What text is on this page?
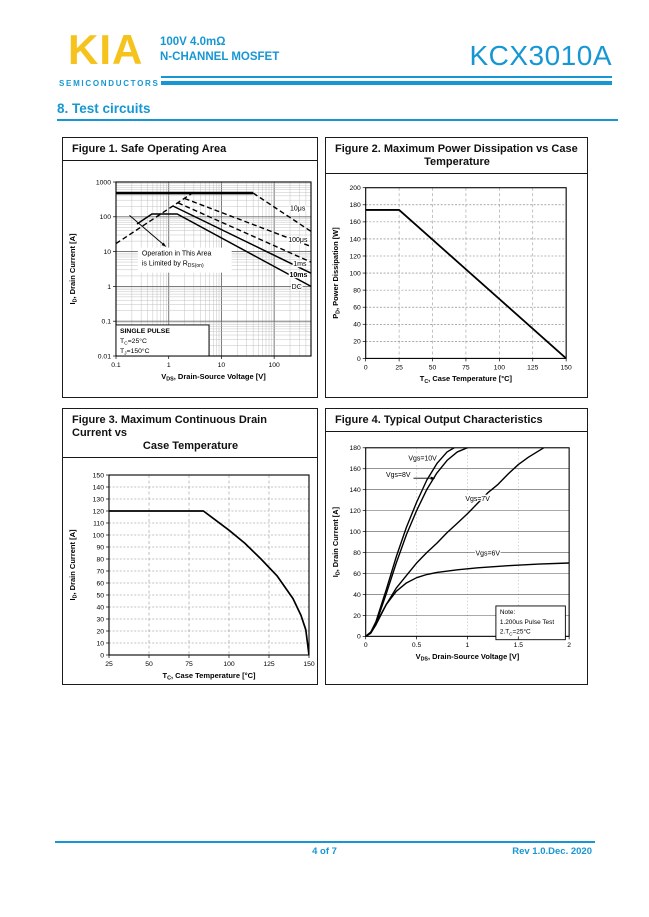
KIA
SEMICONDUCTORS
100V 4.0mΩ
N-CHANNEL MOSFET	KCX3010A
8. Test circuits
Figure 1. Safe Operating Area
Operation in This Area
is Limited by $R_{DS(on)}$
SINGLE PULSE
$T_C=25^\circ C$
$T_J=150^\circ C$
10μs
100μs
1ms
10ms
DC
0.1	1	10	100
1000
100
10
1
0.1
0.01
$V_{DS}$, Drain-Source Voltage [V]
$I_D$, Drain Current [A]
Figure 2. Maximum Power Dissipation vs Case
Temperature
0	25	50	75	100	125	150
0
20
40
60
80
100
120
140
160
180
200
$T_C$, Case Temperature [°C]
$P_D$, Power Dissipation [W]
Figure 3. Maximum Continuous Drain Current vs
Case Temperature
25	50	75	100	125	150
0
10
20
30
40
50
60
70
80
90
100
110
120
130
140
150
$T_C$, Case Temperature [°C]
$I_D$, Drain Current [A]
Figure 4. Typical Output Characteristics
Note:
1.200us Pulse Test
$2.T_C=25^\circ C$
Vgs=10V
Vgs=8V
Vgs=7V
Vgs=6V
0	0.5	1	1.5	2
0
20
40
60
80
100
120
140
160
180
$V_{DS}$, Drain-Source Voltage [V]
$I_D$, Drain Current [A]
4 of 7	Rev 1.0.Dec. 2020
